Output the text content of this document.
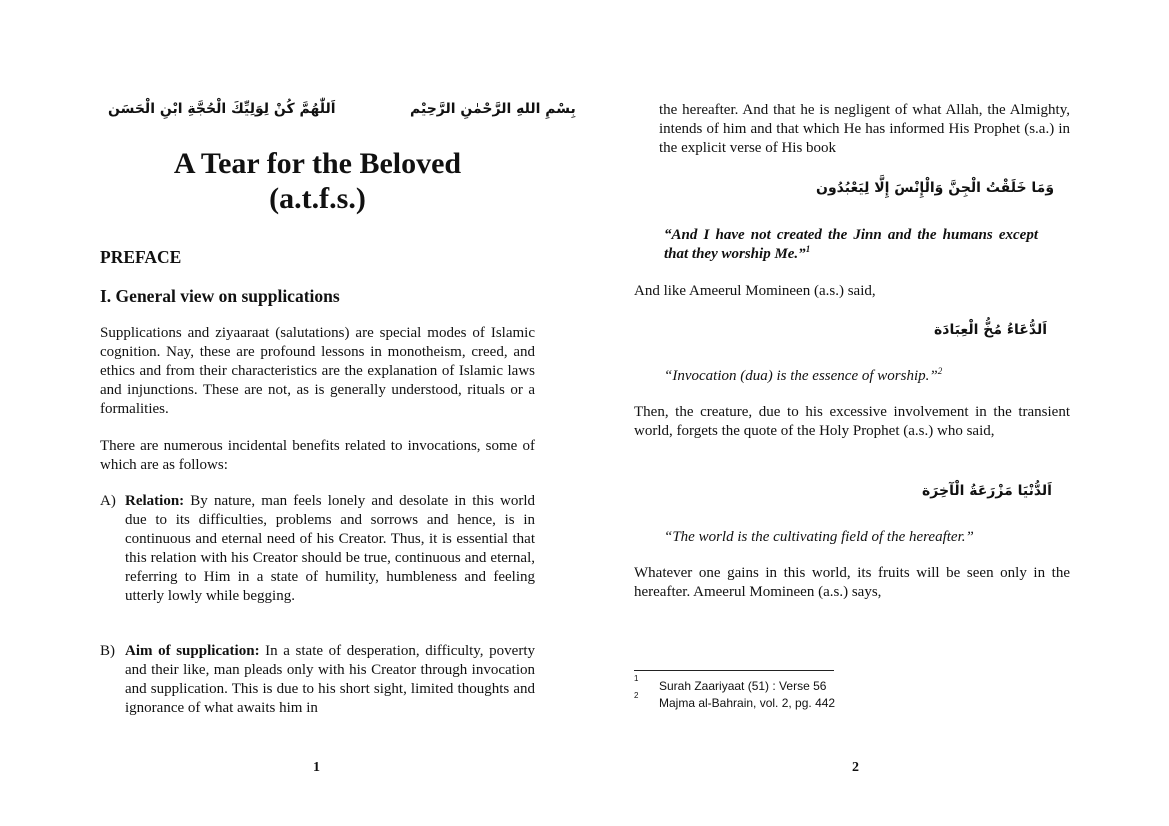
ﺍَﻟﻠّٰﻬُﻢَّ ﻛُﻦْ ﻟِﻮَﻟِﻴِّﻚَ ﺍﻟْﺤُﺠَّﺔِ ﺍﺑْﻦِ ﺍﻟْﺤَﺴَﻦ	ﺑِﺴْﻢِ ﺍﻟﻠﻪِ ﺍﻟﺮَّﺣْﻤٰﻦِ ﺍﻟﺮَّﺣِﻴْﻢ
A Tear for the Beloved
(a.t.f.s.)
PREFACE
I. General view on supplications

Supplications and ziyaaraat (salutations) are special modes of Islamic cognition. Nay, these are profound lessons in monotheism, creed, and ethics and from their characteristics are the explanation of Islamic laws and injunctions. These are not, as is generally understood, rituals or a formalities.

There are numerous incidental benefits related to invocations, some of which are as follows:

A) Relation: By nature, man feels lonely and desolate in this world due to its difficulties, problems and sorrows and hence, is in continuous and eternal need of his Creator. Thus, it is essential that this relation with his Creator should be true, continuous and eternal, referring to Him in a state of humility, humbleness and feeling utterly lowly while begging.
B) Aim of supplication: In a state of desperation, difficulty, poverty and their like, man pleads only with his Creator through invocation and supplication. This is due to his short sight, limited thoughts and ignorance of what awaits him in
1

the hereafter. And that he is negligent of what Allah, the Almighty, intends of him and that which He has informed His Prophet (s.a.) in the explicit verse of His book

ﻭَﻣَﺎ ﺧَﻠَﻘْﺖُ ﺍﻟْﺠِﻦَّ ﻭَﺍﻟْﺈِﻧْﺲَ ﺇِﻟَّﺎ ﻟِﻴَﻌْﺒُﺪُﻭﻥ
“And I have not created the Jinn and the humans except that they worship Me.”$^1$

And like Ameerul Momineen (a.s.) said,

ﺍَﻟﺪُّﻋَﺎﺀُ ﻣُﺦُّ ﺍﻟْﻌِﺒَﺎﺩَﺓ
“Invocation (dua) is the essence of worship.”$^2$

Then, the creature, due to his excessive involvement in the transient world, forgets the quote of the Holy Prophet (a.s.) who said,

ﺍَﻟﺪُّﻧْﻴَﺎ ﻣَﺰْﺭَﻋَﺔُ ﺍﻟْﺂﺧِﺮَﺓ
“The world is the cultivating field of the hereafter.”

Whatever one gains in this world, its fruits will be seen only in the hereafter. Ameerul Momineen (a.s.) says,

1
Surah Zaariyaat (51) : Verse 56
2
Majma al-Bahrain, vol. 2, pg. 442
2
